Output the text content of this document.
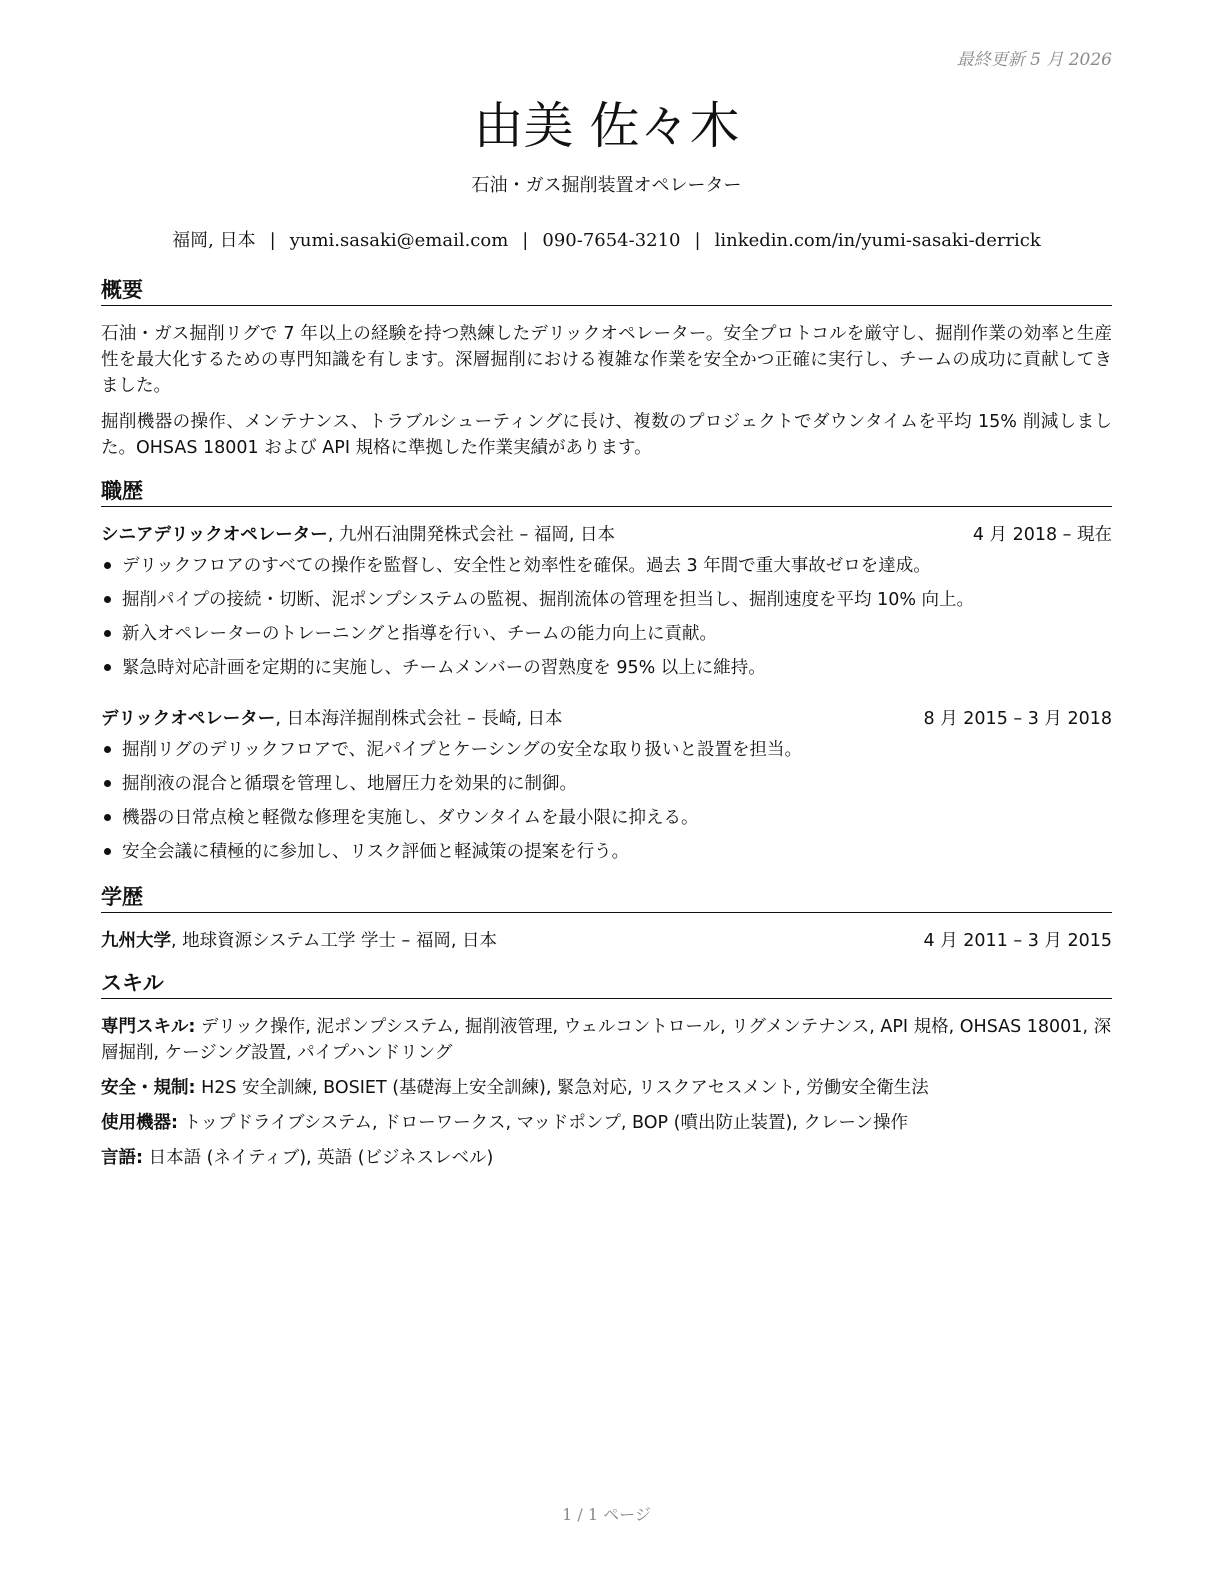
最終更新 5 月 2026
由美 佐々木
石油・ガス掘削装置オペレーター
福岡, 日本 | yumi.sasaki@email.com | 090-7654-3210 | linkedin.com/in/yumi-sasaki-derrick
概要

石油・ガス掘削リグで 7 年以上の経験を持つ熟練したデリックオペレーター。安全プロトコルを厳守し、掘削作業の効率と生産性を最大化するための専門知識を有します。深層掘削における複雑な作業を安全かつ正確に実行し、チームの成功に貢献してきました。

掘削機器の操作、メンテナンス、トラブルシューティングに長け、複数のプロジェクトでダウンタイムを平均 15% 削減しました。OHSAS 18001 および API 規格に準拠した作業実績があります。

職歴
シニアデリックオペレーター, 九州石油開発株式会社 – 福岡, 日本	4 月 2018 – 現在
デリックフロアのすべての操作を監督し、安全性と効率性を確保。過去 3 年間で重大事故ゼロを達成。
掘削パイプの接続・切断、泥ポンプシステムの監視、掘削流体の管理を担当し、掘削速度を平均 10% 向上。
新入オペレーターのトレーニングと指導を行い、チームの能力向上に貢献。
緊急時対応計画を定期的に実施し、チームメンバーの習熟度を 95% 以上に維持。
デリックオペレーター, 日本海洋掘削株式会社 – 長崎, 日本	8 月 2015 – 3 月 2018
掘削リグのデリックフロアで、泥パイプとケーシングの安全な取り扱いと設置を担当。
掘削液の混合と循環を管理し、地層圧力を効果的に制御。
機器の日常点検と軽微な修理を実施し、ダウンタイムを最小限に抑える。
安全会議に積極的に参加し、リスク評価と軽減策の提案を行う。
学歴
九州大学, 地球資源システム工学 学士 – 福岡, 日本	4 月 2011 – 3 月 2015
スキル
専門スキル: デリック操作, 泥ポンプシステム, 掘削液管理, ウェルコントロール, リグメンテナンス, API 規格, OHSAS 18001, 深層掘削, ケージング設置, パイプハンドリング
安全・規制: H2S 安全訓練, BOSIET (基礎海上安全訓練), 緊急対応, リスクアセスメント, 労働安全衛生法
使用機器: トップドライブシステム, ドローワークス, マッドポンプ, BOP (噴出防止装置), クレーン操作
言語: 日本語 (ネイティブ), 英語 (ビジネスレベル)
1 / 1 ページ
